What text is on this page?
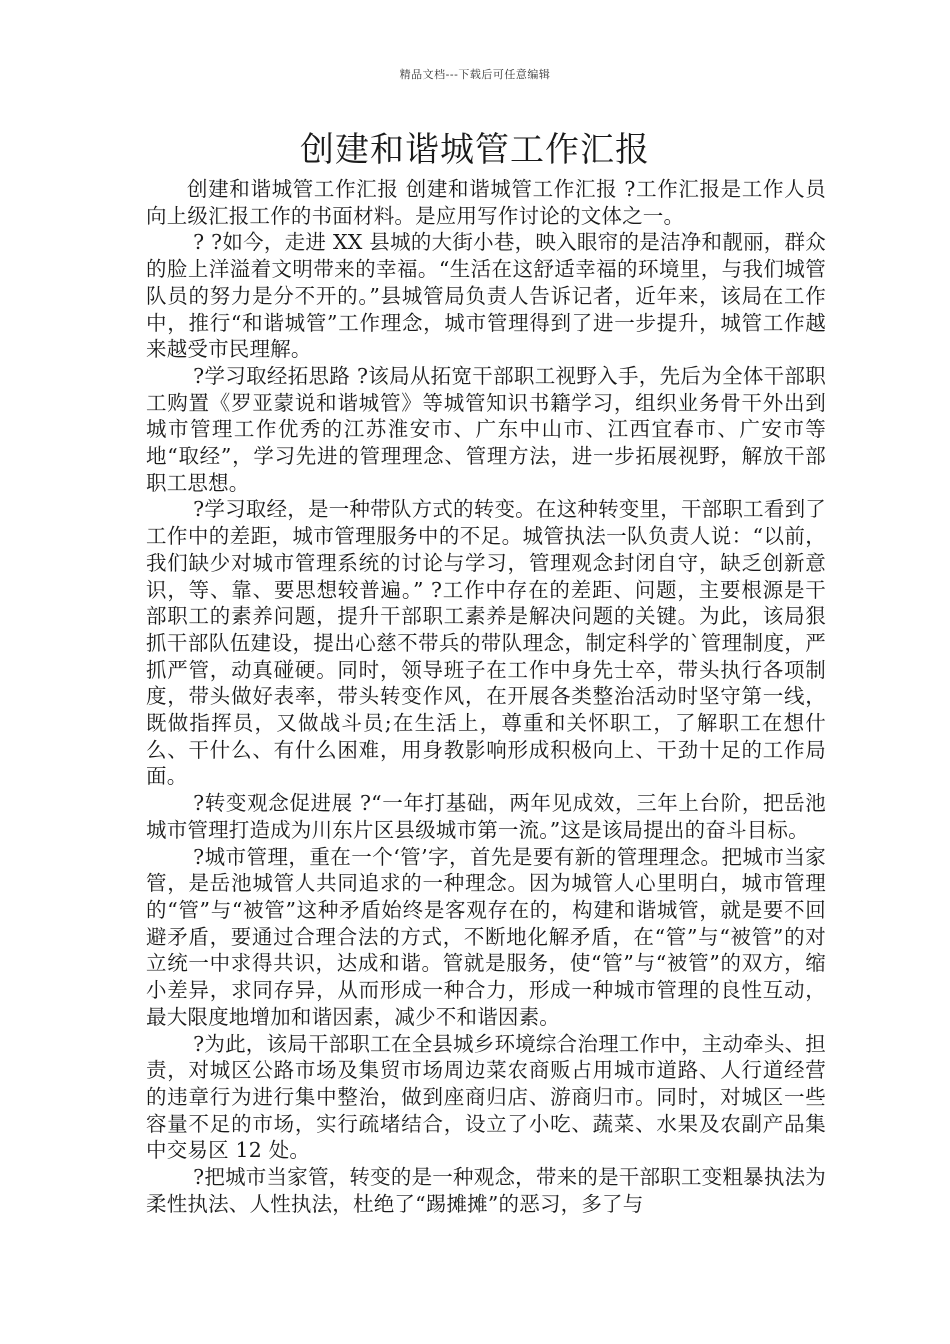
精品文档---下载后可任意编辑
创建和谐城管工作汇报

创建和谐城管工作汇报 创建和谐城管工作汇报 ?工作汇报是工作人员向上级汇报工作的书面材料。是应用写作讨论的文体之一。

? ?如今，走进 XX 县城的大街小巷，映入眼帘的是洁净和靓丽，群众的脸上洋溢着文明带来的幸福。“生活在这舒适幸福的环境里，与我们城管队员的努力是分不开的。”县城管局负责人告诉记者，近年来，该局在工作中，推行“和谐城管”工作理念，城市管理得到了进一步提升，城管工作越来越受市民理解。

?学习取经拓思路 ?该局从拓宽干部职工视野入手，先后为全体干部职工购置《罗亚蒙说和谐城管》等城管知识书籍学习，组织业务骨干外出到城市管理工作优秀的江苏淮安市、广东中山市、江西宜春市、广安市等地“取经”，学习先进的管理理念、管理方法，进一步拓展视野，解放干部职工思想。

?学习取经，是一种带队方式的转变。在这种转变里，干部职工看到了工作中的差距，城市管理服务中的不足。城管执法一队负责人说：“以前，我们缺少对城市管理系统的讨论与学习，管理观念封闭自守，缺乏创新意识，等、靠、要思想较普遍。” ?工作中存在的差距、问题，主要根源是干部职工的素养问题，提升干部职工素养是解决问题的关键。为此，该局狠抓干部队伍建设，提出心慈不带兵的带队理念，制定科学的`管理制度，严抓严管，动真碰硬。同时，领导班子在工作中身先士卒，带头执行各项制度，带头做好表率，带头转变作风，在开展各类整治活动时坚守第一线，既做指挥员，又做战斗员;在生活上，尊重和关怀职工，了解职工在想什么、干什么、有什么困难，用身教影响形成积极向上、干劲十足的工作局面。

?转变观念促进展 ?“一年打基础，两年见成效，三年上台阶，把岳池城市管理打造成为川东片区县级城市第一流。”这是该局提出的奋斗目标。

?城市管理，重在一个‘管’字，首先是要有新的管理理念。把城市当家管，是岳池城管人共同追求的一种理念。因为城管人心里明白，城市管理的“管”与“被管”这种矛盾始终是客观存在的，构建和谐城管，就是要不回避矛盾，要通过合理合法的方式，不断地化解矛盾，在“管”与“被管”的对立统一中求得共识，达成和谐。管就是服务，使“管”与“被管”的双方，缩小差异，求同存异，从而形成一种合力，形成一种城市管理的良性互动，最大限度地增加和谐因素，减少不和谐因素。

?为此，该局干部职工在全县城乡环境综合治理工作中，主动牵头、担责，对城区公路市场及集贸市场周边菜农商贩占用城市道路、人行道经营的违章行为进行集中整治，做到座商归店、游商归市。同时，对城区一些容量不足的市场，实行疏堵结合，设立了小吃、蔬菜、水果及农副产品集中交易区 12 处。

?把城市当家管，转变的是一种观念，带来的是干部职工变粗暴执法为柔性执法、人性执法，杜绝了“踢摊摊”的恶习，多了与
